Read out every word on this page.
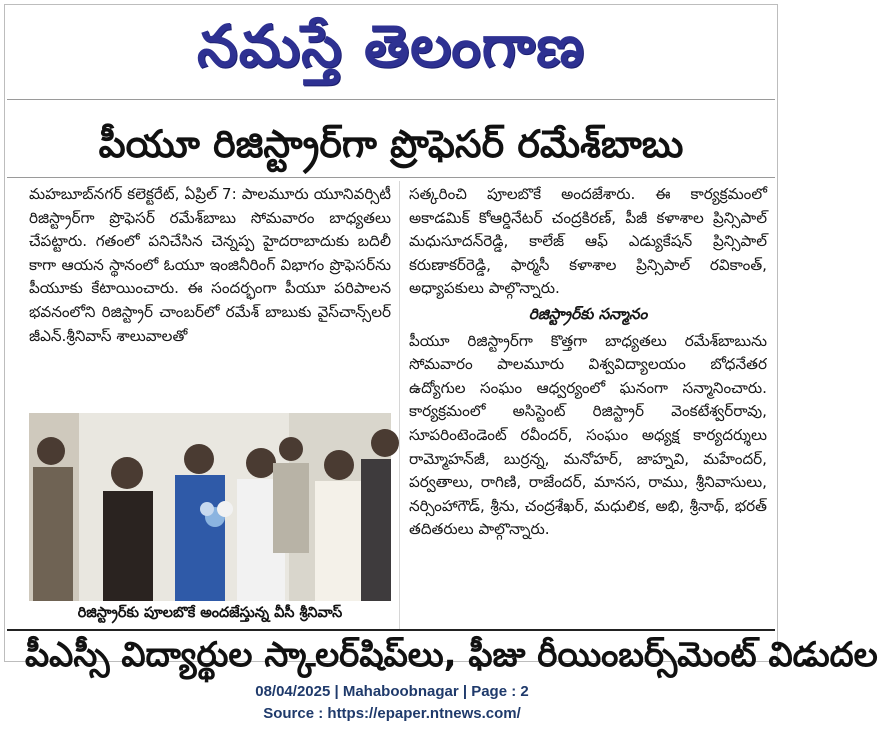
నమస్తే తెలంగాణ
పీయూ రిజిస్ట్రార్‌గా ప్రొఫెసర్ రమేశ్‌బాబు

మహబూబ్‌నగర్ కలెక్టరేట్, ఏప్రిల్ 7: పాలమూరు యూనివర్సిటీ రిజిస్ట్రార్‌గా ప్రొఫెసర్ రమేశ్‌బాబు సోమవారం బాధ్యతలు చేపట్టారు. గతంలో పనిచేసిన చెన్నప్ప హైదరాబాదుకు బదిలీ కాగా ఆయన స్థానంలో ఓయూ ఇంజినీరింగ్ విభాగం ప్రొఫెసర్‌ను పీయూకు కేటాయించారు. ఈ సందర్భంగా పీయూ పరిపాలన భవనంలోని రిజిస్ట్రార్ చాంబర్‌లో రమేశ్ బాబుకు వైస్‌చాన్స్‌లర్ జీఎన్.శ్రీనివాస్ శాలువాలతో

రిజిస్ట్రార్‌కు పూలబొకే అందజేస్తున్న వీసీ శ్రీనివాస్

సత్కరించి పూలబొకే అందజేశారు. ఈ కార్యక్రమంలో అకాడమిక్ కోఆర్డినేటర్ చంద్రకిరణ్, పీజీ కళాశాల ప్రిన్సిపాల్ మధుసూదన్‌రెడ్డి, కాలేజ్ ఆఫ్ ఎడ్యుకేషన్ ప్రిన్సిపాల్ కరుణాకర్‌రెడ్డి, ఫార్మసీ కళాశాల ప్రిన్సిపాల్ రవికాంత్, అధ్యాపకులు పాల్గొన్నారు.

రిజిస్ట్రార్‌కు సన్మానం

పీయూ రిజిస్ట్రార్‌గా కొత్తగా బాధ్యతలు రమేశ్‌బాబును సోమవారం పాలమూరు విశ్వవిద్యాలయం బోధనేతర ఉద్యోగుల సంఘం ఆధ్వర్యంలో ఘనంగా సన్మానించారు. కార్యక్రమంలో అసిస్టెంట్ రిజిస్ట్రార్ వెంకటేశ్వర్‌రావు, సూపరింటెండెంట్ రవీందర్, సంఘం అధ్యక్ష కార్యదర్శులు రామ్మోహన్‌జీ, బుర్రన్న, మనోహర్, జాహ్నవి, మహేందర్, పర్వతాలు, రాగిణి, రాజేందర్, మానస, రాము, శ్రీనివాసులు, నర్సింహాగౌడ్, శ్రీను, చంద్రశేఖర్, మధులిక, అభి, శ్రీనాథ్, భరత్ తదితరులు పాల్గొన్నారు.

పీఎస్సీ విద్యార్థుల స్కాలర్‌షిప్‌లు, ఫీజు రీయింబర్స్‌మెంట్ విడుదల
08/04/2025 | Mahaboobnagar | Page : 2
Source : https://epaper.ntnews.com/
